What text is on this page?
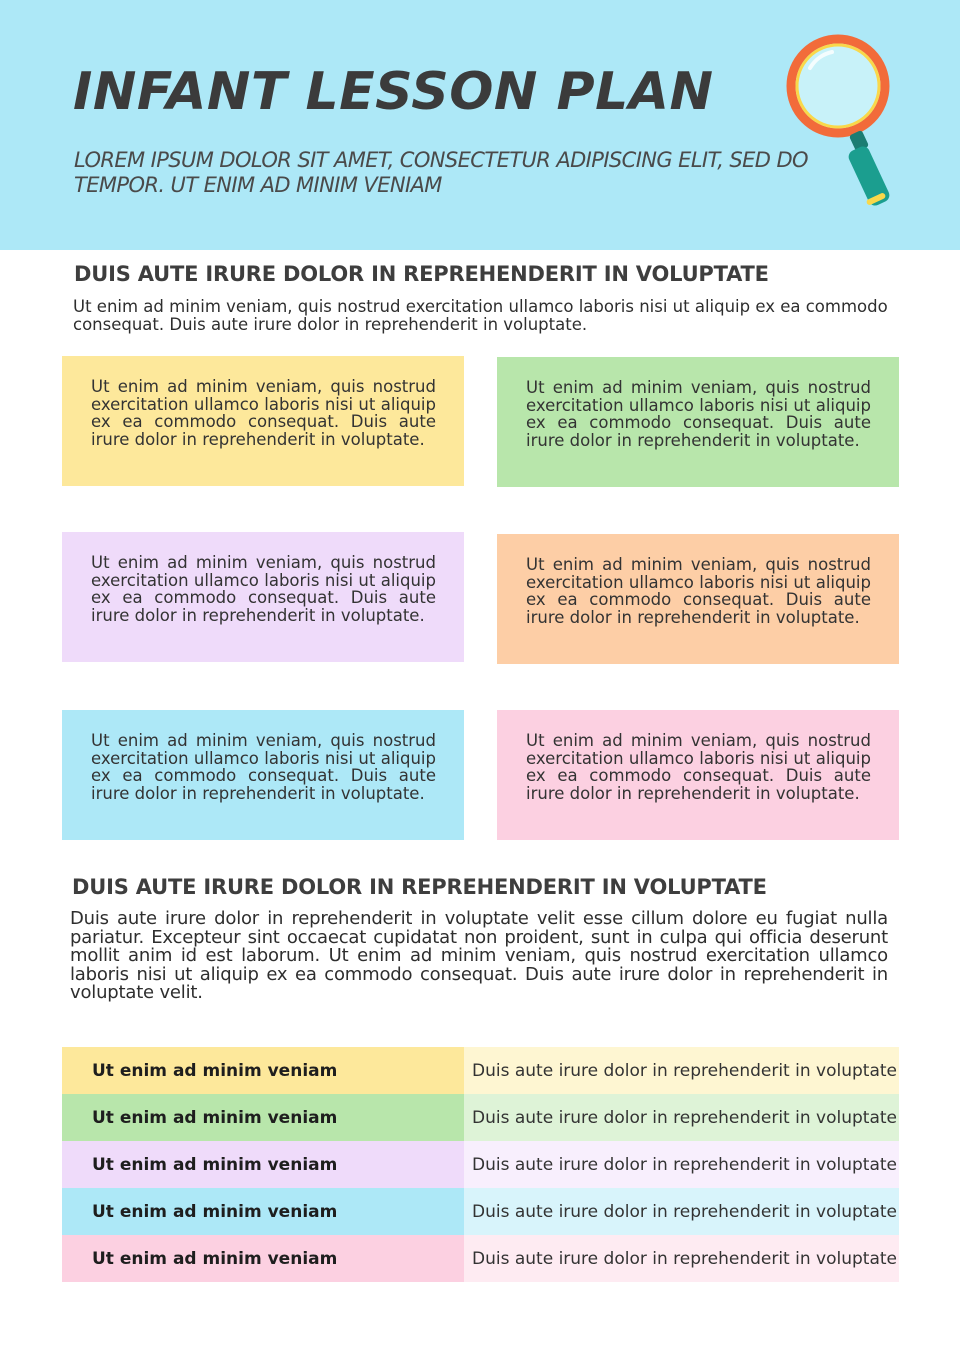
INFANT LESSON PLAN

LOREM IPSUM DOLOR SIT AMET, CONSECTETUR ADIPISCING ELIT, SED DO TEMPOR. UT ENIM AD MINIM VENIAM

DUIS AUTE IRURE DOLOR IN REPREHENDERIT IN VOLUPTATE

Ut enim ad minim veniam, quis nostrud exercitation ullamco laboris nisi ut aliquip ex ea commodo consequat. Duis aute irure dolor in reprehenderit in voluptate.

Ut enim ad minim veniam, quis nostrud exercitation ullamco laboris nisi ut aliquip ex ea commodo consequat. Duis aute irure dolor in reprehenderit in voluptate.

Ut enim ad minim veniam, quis nostrud exercitation ullamco laboris nisi ut aliquip ex ea commodo consequat. Duis aute irure dolor in reprehenderit in voluptate.

Ut enim ad minim veniam, quis nostrud exercitation ullamco laboris nisi ut aliquip ex ea commodo consequat. Duis aute irure dolor in reprehenderit in voluptate.

Ut enim ad minim veniam, quis nostrud exercitation ullamco laboris nisi ut aliquip ex ea commodo consequat. Duis aute irure dolor in reprehenderit in voluptate.

Ut enim ad minim veniam, quis nostrud exercitation ullamco laboris nisi ut aliquip ex ea commodo consequat. Duis aute irure dolor in reprehenderit in voluptate.

Ut enim ad minim veniam, quis nostrud exercitation ullamco laboris nisi ut aliquip ex ea commodo consequat. Duis aute irure dolor in reprehenderit in voluptate.

DUIS AUTE IRURE DOLOR IN REPREHENDERIT IN VOLUPTATE

Duis aute irure dolor in reprehenderit in voluptate velit esse cillum dolore eu fugiat nulla pariatur. Excepteur sint occaecat cupidatat non proident, sunt in culpa qui officia deserunt mollit anim id est laborum. Ut enim ad minim veniam, quis nostrud exercitation ullamco laboris nisi ut aliquip ex ea commodo consequat. Duis aute irure dolor in reprehenderit in voluptate velit.

Ut enim ad minim veniam	Duis aute irure dolor in reprehenderit in voluptate
Ut enim ad minim veniam	Duis aute irure dolor in reprehenderit in voluptate
Ut enim ad minim veniam	Duis aute irure dolor in reprehenderit in voluptate
Ut enim ad minim veniam	Duis aute irure dolor in reprehenderit in voluptate
Ut enim ad minim veniam	Duis aute irure dolor in reprehenderit in voluptate
